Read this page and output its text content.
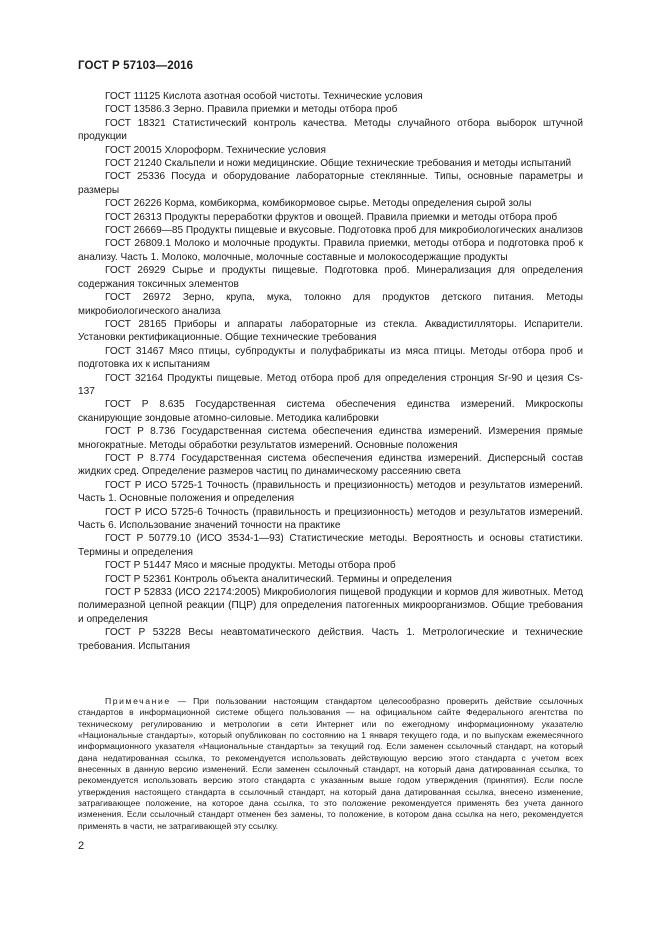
ГОСТ Р 57103—2016

ГОСТ 11125 Кислота азотная особой чистоты. Технические условия

ГОСТ 13586.3 Зерно. Правила приемки и методы отбора проб

ГОСТ 18321 Статистический контроль качества. Методы случайного отбора выборок штучной продукции

ГОСТ 20015 Хлороформ. Технические условия

ГОСТ 21240 Скальпели и ножи медицинские. Общие технические требования и методы испытаний

ГОСТ 25336 Посуда и оборудование лабораторные стеклянные. Типы, основные параметры и размеры

ГОСТ 26226 Корма, комбикорма, комбикормовое сырье. Методы определения сырой золы

ГОСТ 26313 Продукты переработки фруктов и овощей. Правила приемки и методы отбора проб

ГОСТ 26669—85 Продукты пищевые и вкусовые. Подготовка проб для микробиологических анализов

ГОСТ 26809.1 Молоко и молочные продукты. Правила приемки, методы отбора и подготовка проб к анализу. Часть 1. Молоко, молочные, молочные составные и молокосодержащие продукты

ГОСТ 26929 Сырье и продукты пищевые. Подготовка проб. Минерализация для определения содержания токсичных элементов

ГОСТ 26972 Зерно, крупа, мука, толокно для продуктов детского питания. Методы микробиологического анализа

ГОСТ 28165 Приборы и аппараты лабораторные из стекла. Аквадистилляторы. Испарители. Установки ректификационные. Общие технические требования

ГОСТ 31467 Мясо птицы, субпродукты и полуфабрикаты из мяса птицы. Методы отбора проб и подготовка их к испытаниям

ГОСТ 32164 Продукты пищевые. Метод отбора проб для определения стронция Sr-90 и цезия Cs-137

ГОСТ Р 8.635 Государственная система обеспечения единства измерений. Микроскопы сканирующие зондовые атомно-силовые. Методика калибровки

ГОСТ Р 8.736 Государственная система обеспечения единства измерений. Измерения прямые многократные. Методы обработки результатов измерений. Основные положения

ГОСТ Р 8.774 Государственная система обеспечения единства измерений. Дисперсный состав жидких сред. Определение размеров частиц по динамическому рассеянию света

ГОСТ Р ИСО 5725-1 Точность (правильность и прецизионность) методов и результатов измерений. Часть 1. Основные положения и определения

ГОСТ Р ИСО 5725-6 Точность (правильность и прецизионность) методов и результатов измерений. Часть 6. Использование значений точности на практике

ГОСТ Р 50779.10 (ИСО 3534-1—93) Статистические методы. Вероятность и основы статистики. Термины и определения

ГОСТ Р 51447 Мясо и мясные продукты. Методы отбора проб

ГОСТ Р 52361 Контроль объекта аналитический. Термины и определения

ГОСТ Р 52833 (ИСО 22174:2005) Микробиология пищевой продукции и кормов для животных. Метод полимеразной цепной реакции (ПЦР) для определения патогенных микроорганизмов. Общие требования и определения

ГОСТ Р 53228 Весы неавтоматического действия. Часть 1. Метрологические и технические требования. Испытания

Примечание — При пользовании настоящим стандартом целесообразно проверить действие ссылочных стандартов в информационной системе общего пользования — на официальном сайте Федерального агентства по техническому регулированию и метрологии в сети Интернет или по ежегодному информационному указателю «Национальные стандарты», который опубликован по состоянию на 1 января текущего года, и по выпускам ежемесячного информационного указателя «Национальные стандарты» за текущий год. Если заменен ссылочный стандарт, на который дана недатированная ссылка, то рекомендуется использовать действующую версию этого стандарта с учетом всех внесенных в данную версию изменений. Если заменен ссылочный стандарт, на который дана датированная ссылка, то рекомендуется использовать версию этого стандарта с указанным выше годом утверждения (принятия). Если после утверждения настоящего стандарта в ссылочный стандарт, на который дана датированная ссылка, внесено изменение, затрагивающее положение, на которое дана ссылка, то это положение рекомендуется применять без учета данного изменения. Если ссылочный стандарт отменен без замены, то положение, в котором дана ссылка на него, рекомендуется применять в части, не затрагивающей эту ссылку.

2
